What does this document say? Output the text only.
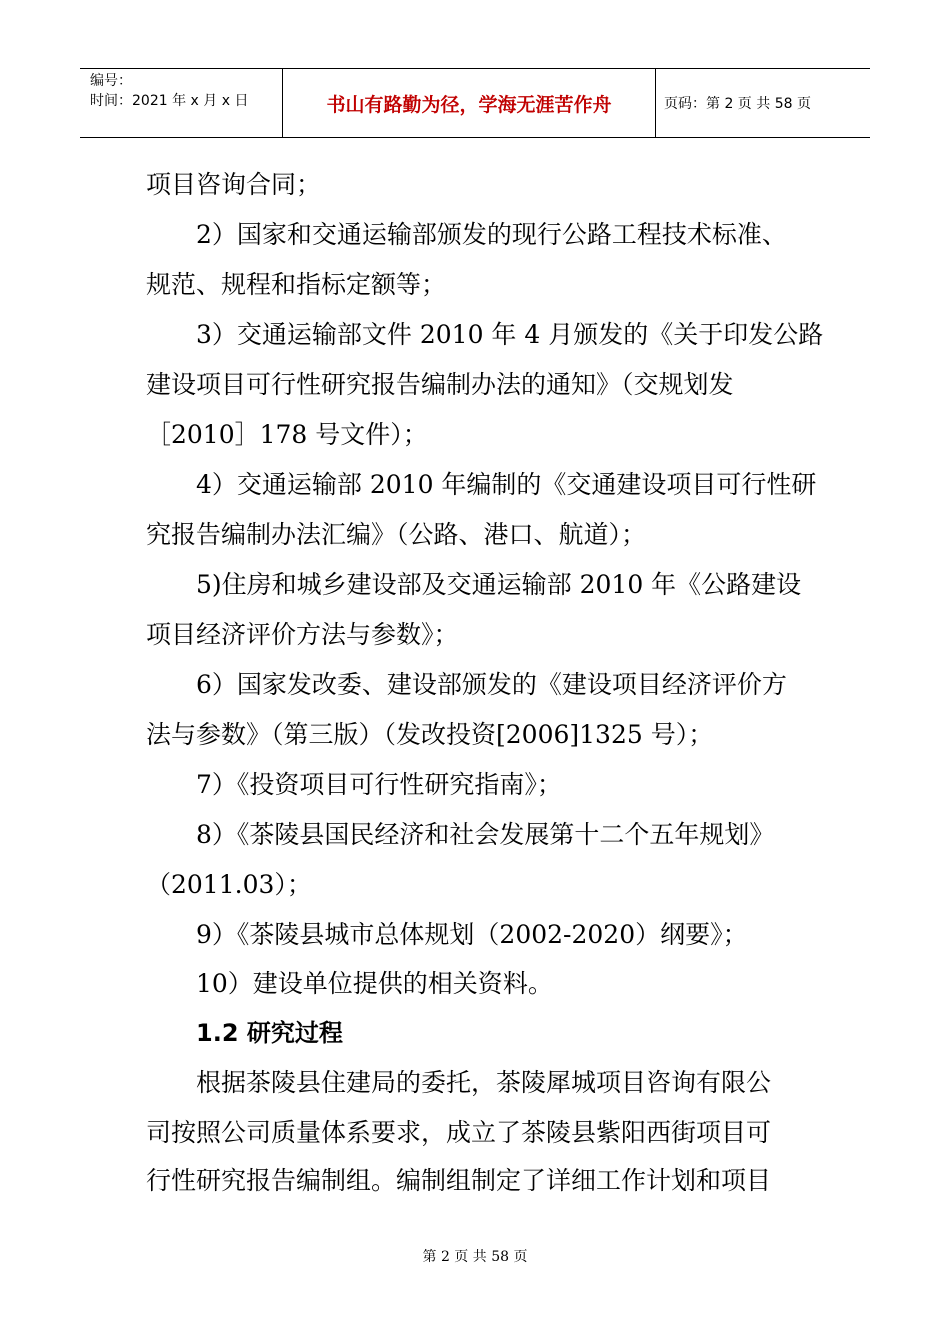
编号：
时间：2021 年 x 月 x 日	书山有路勤为径，学海无涯苦作舟	页码：第 2 页 共 58 页
项目咨询合同；
2）国家和交通运输部颁发的现行公路工程技术标准、
规范、规程和指标定额等；
3）交通运输部文件 2010 年 4 月颁发的《关于印发公路
建设项目可行性研究报告编制办法的通知》（交规划发
［2010］178 号文件）；
4）交通运输部 2010 年编制的《交通建设项目可行性研
究报告编制办法汇编》（公路、港口、航道）；
5)住房和城乡建设部及交通运输部 2010 年《公路建设
项目经济评价方法与参数》；
6）国家发改委、建设部颁发的《建设项目经济评价方
法与参数》（第三版）（发改投资[2006]1325 号）；
7）《投资项目可行性研究指南》；
8）《茶陵县国民经济和社会发展第十二个五年规划》
（2011.03）；
9）《茶陵县城市总体规划（2002-2020）纲要》；
10）建设单位提供的相关资料。
1.2 研究过程
根据茶陵县住建局的委托，茶陵犀城项目咨询有限公
司按照公司质量体系要求，成立了茶陵县紫阳西街项目可
行性研究报告编制组。编制组制定了详细工作计划和项目
第 2 页 共 58 页
